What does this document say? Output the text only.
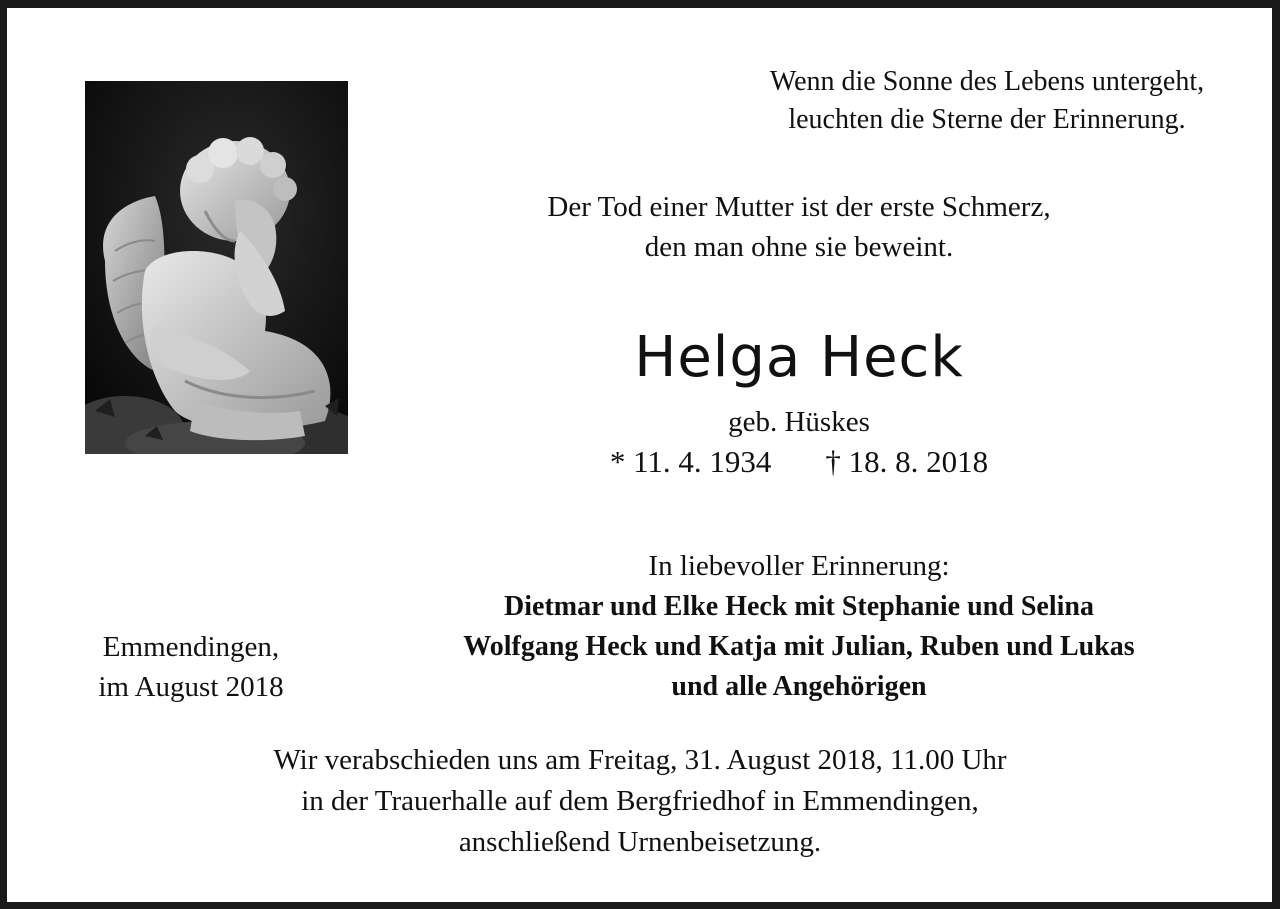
Wenn die Sonne des Lebens untergeht,
leuchten die Sterne der Erinnerung.
Der Tod einer Mutter ist der erste Schmerz,
den man ohne sie beweint.
Helga Heck
geb. Hüskes
* 11. 4. 1934 † 18. 8. 2018
In liebevoller Erinnerung:
Dietmar und Elke Heck mit Stephanie und Selina
Wolfgang Heck und Katja mit Julian, Ruben und Lukas
und alle Angehörigen
Emmendingen,
im August 2018
Wir verabschieden uns am Freitag, 31. August 2018, 11.00 Uhr
in der Trauerhalle auf dem Bergfriedhof in Emmendingen,
anschließend Urnenbeisetzung.
